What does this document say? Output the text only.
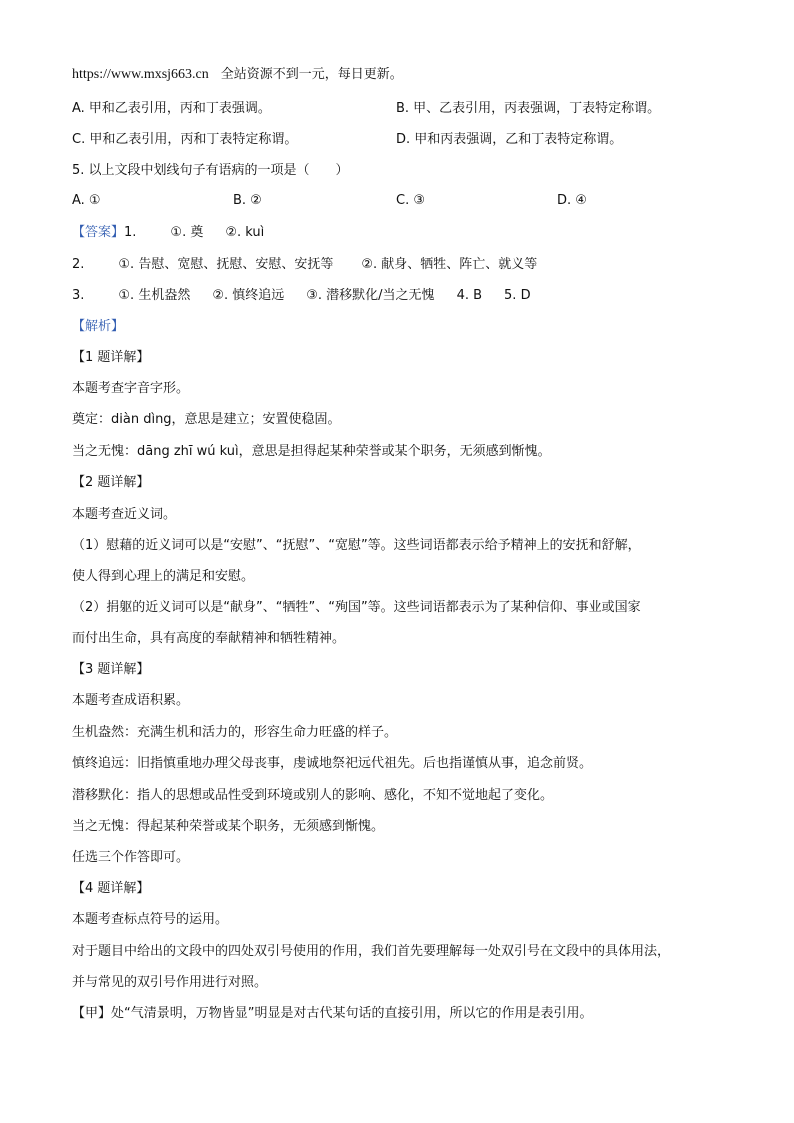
https://www.mxsj663.cn 全站资源不到一元，每日更新。
A. 甲和乙表引用，丙和丁表强调。	B. 甲、乙表引用，丙表强调，丁表特定称谓。
C. 甲和乙表引用，丙和丁表特定称谓。	D. 甲和丙表强调，乙和丁表特定称谓。
5. 以上文段中划线句子有语病的一项是（　　）
A. ①	B. ②	C. ③	D. ④
【答案】1.	①. 奠 ②. kuì
2.	①. 告慰、宽慰、抚慰、安慰、安抚等 ②. 献身、牺牲、阵亡、就义等
3.	①. 生机盎然 ②. 慎终追远 ③. 潜移默化/当之无愧 4. B 5. D
【解析】
【1 题详解】
本题考查字音字形。
奠定：diàn dìng，意思是建立；安置使稳固。
当之无愧：dāng zhī wú kuì，意思是担得起某种荣誉或某个职务，无须感到惭愧。
【2 题详解】
本题考查近义词。
（1）慰藉的近义词可以是“安慰”、“抚慰”、“宽慰”等。这些词语都表示给予精神上的安抚和舒解，
使人得到心理上的满足和安慰。
（2）捐躯的近义词可以是“献身”、“牺牲”、“殉国”等。这些词语都表示为了某种信仰、事业或国家
而付出生命，具有高度的奉献精神和牺牲精神。
【3 题详解】
本题考查成语积累。
生机盎然：充满生机和活力的，形容生命力旺盛的样子。
慎终追远：旧指慎重地办理父母丧事，虔诚地祭祀远代祖先。后也指谨慎从事，追念前贤。
潜移默化：指人的思想或品性受到环境或别人的影响、感化，不知不觉地起了变化。
当之无愧：得起某种荣誉或某个职务，无须感到惭愧。
任选三个作答即可。
【4 题详解】
本题考查标点符号的运用。
对于题目中给出的文段中的四处双引号使用的作用，我们首先要理解每一处双引号在文段中的具体用法，
并与常见的双引号作用进行对照。
【甲】处“气清景明，万物皆显”明显是对古代某句话的直接引用，所以它的作用是表引用。
